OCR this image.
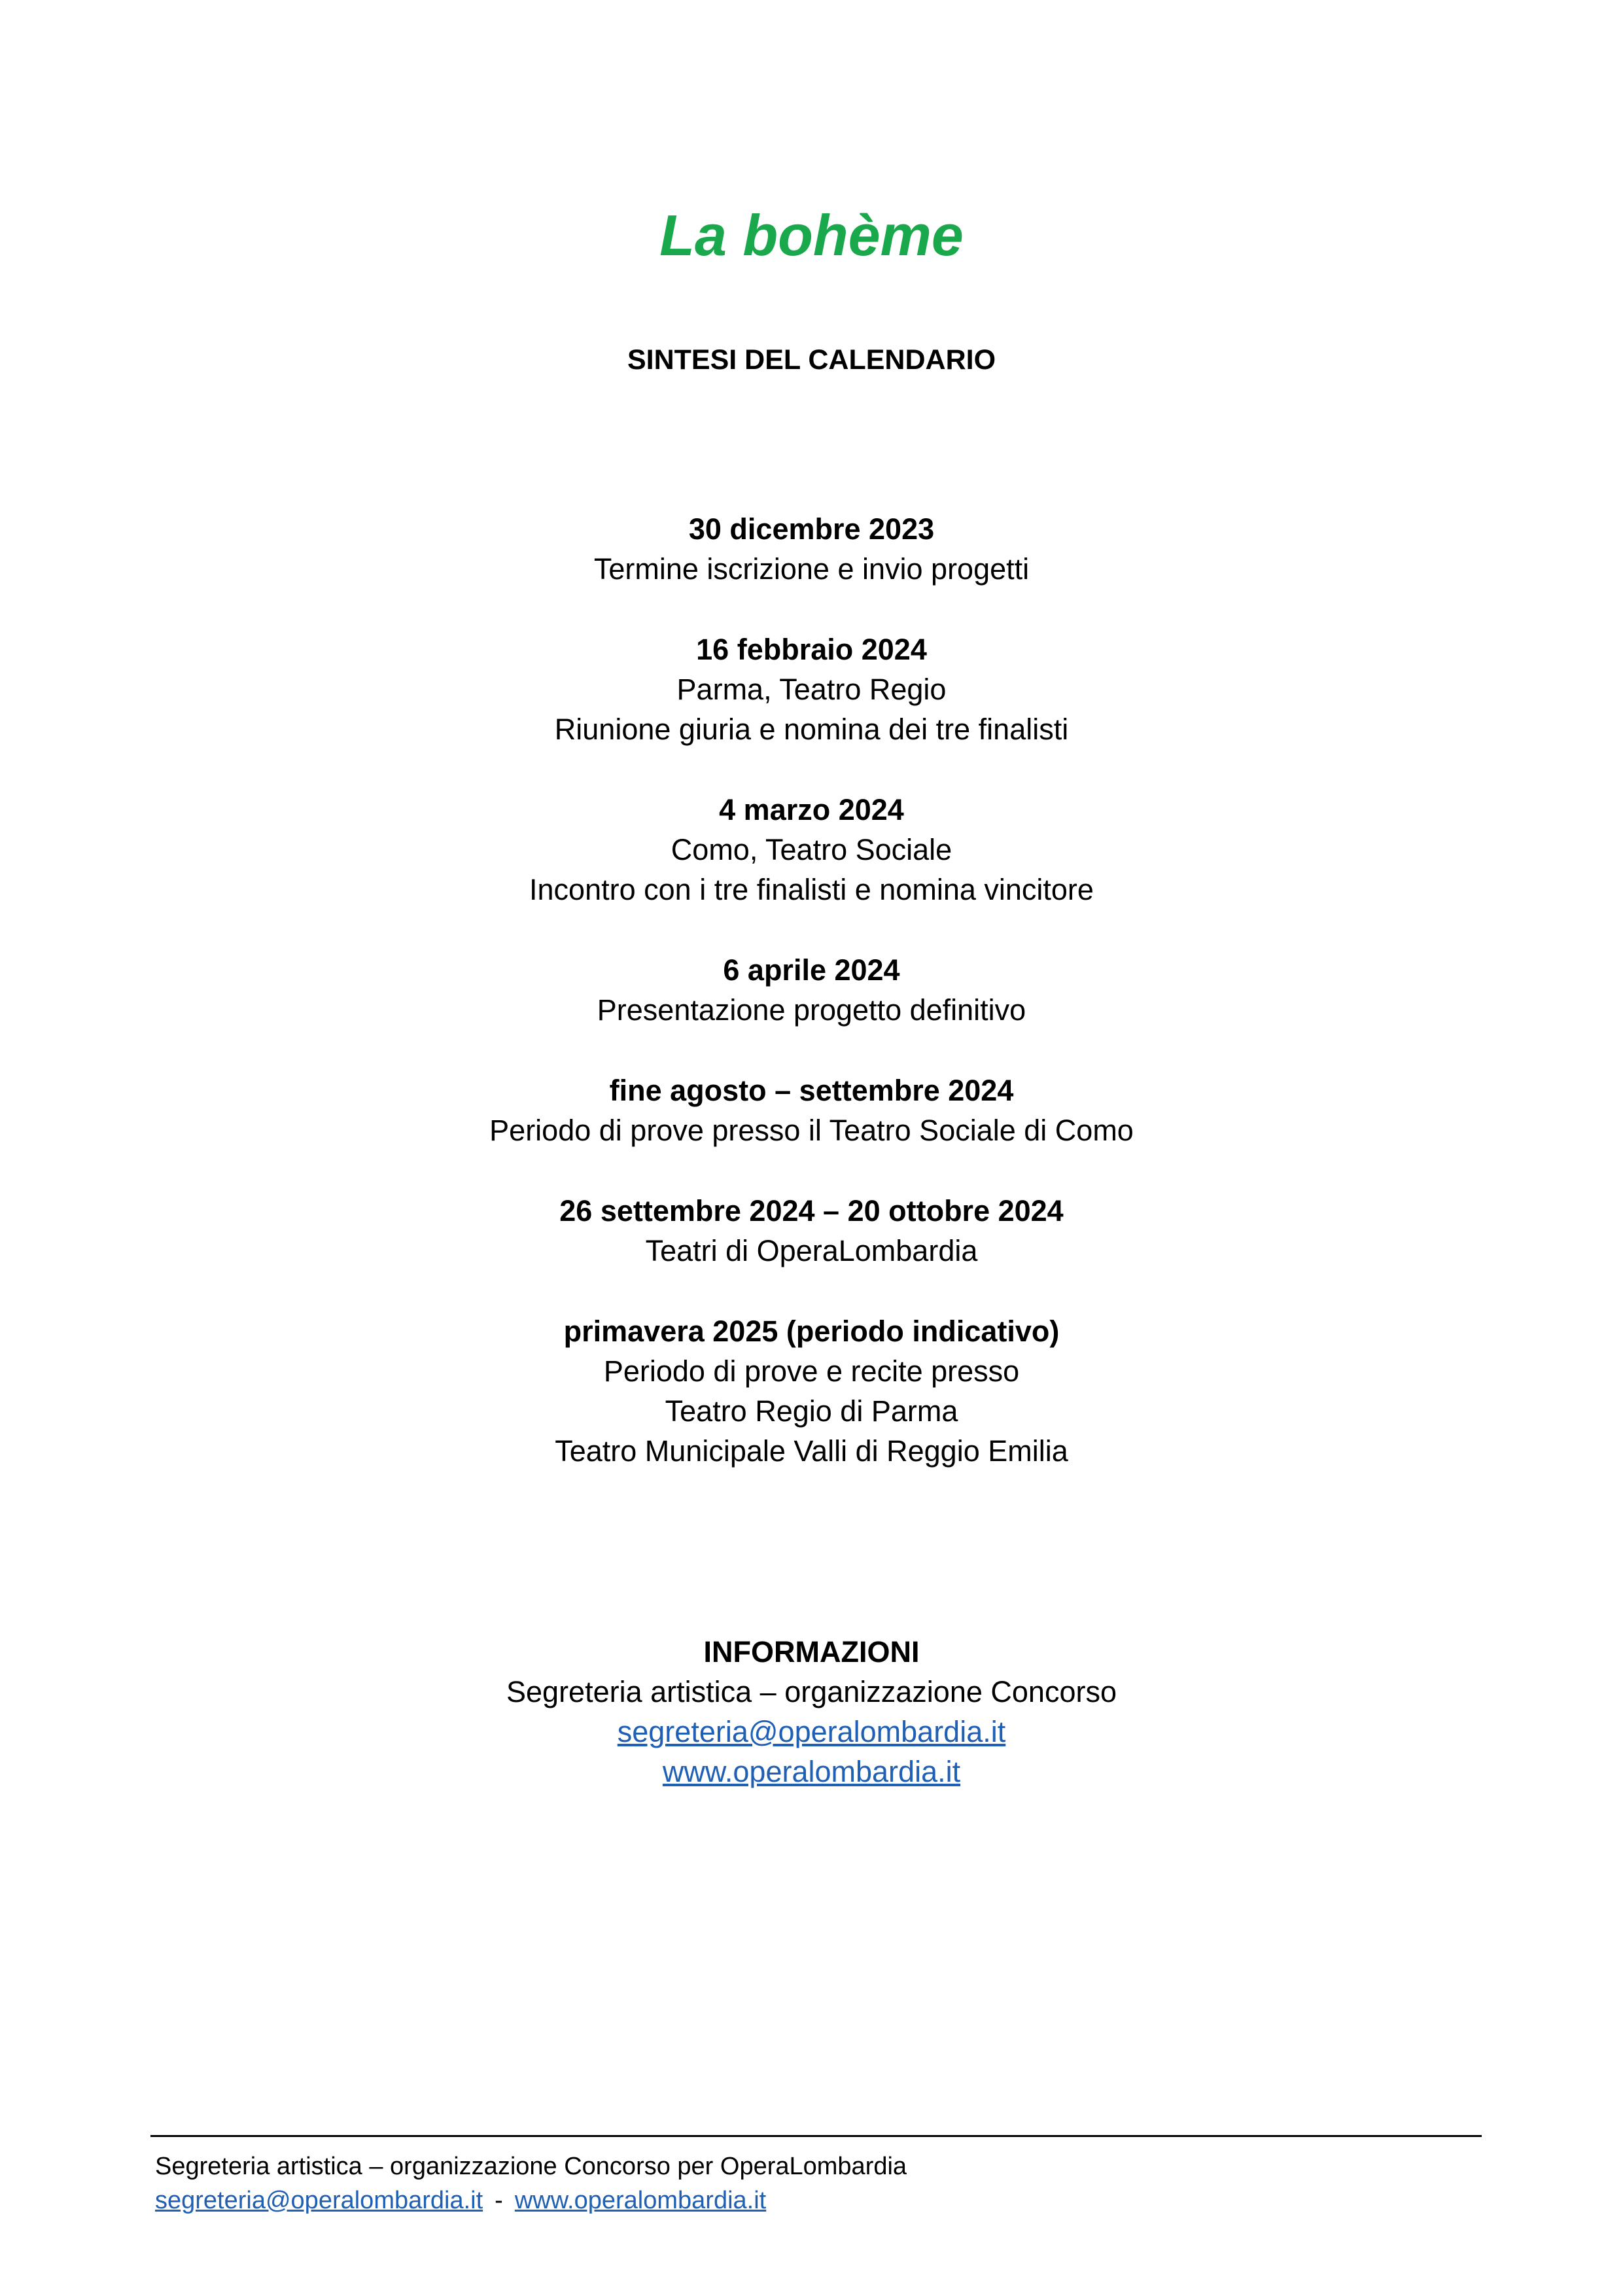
La bohème
SINTESI DEL CALENDARIO
30 dicembre 2023
Termine iscrizione e invio progetti
16 febbraio 2024
Parma, Teatro Regio
Riunione giuria e nomina dei tre finalisti
4 marzo 2024
Como, Teatro Sociale
Incontro con i tre finalisti e nomina vincitore
6 aprile 2024
Presentazione progetto definitivo
fine agosto – settembre 2024
Periodo di prove presso il Teatro Sociale di Como
26 settembre 2024 – 20 ottobre 2024
Teatri di OperaLombardia
primavera 2025 (periodo indicativo)
Periodo di prove e recite presso
Teatro Regio di Parma
Teatro Municipale Valli di Reggio Emilia
INFORMAZIONI
Segreteria artistica – organizzazione Concorso
segreteria@operalombardia.it
www.operalombardia.it
Segreteria artistica – organizzazione Concorso per OperaLombardia
segreteria@operalombardia.it - www.operalombardia.it
